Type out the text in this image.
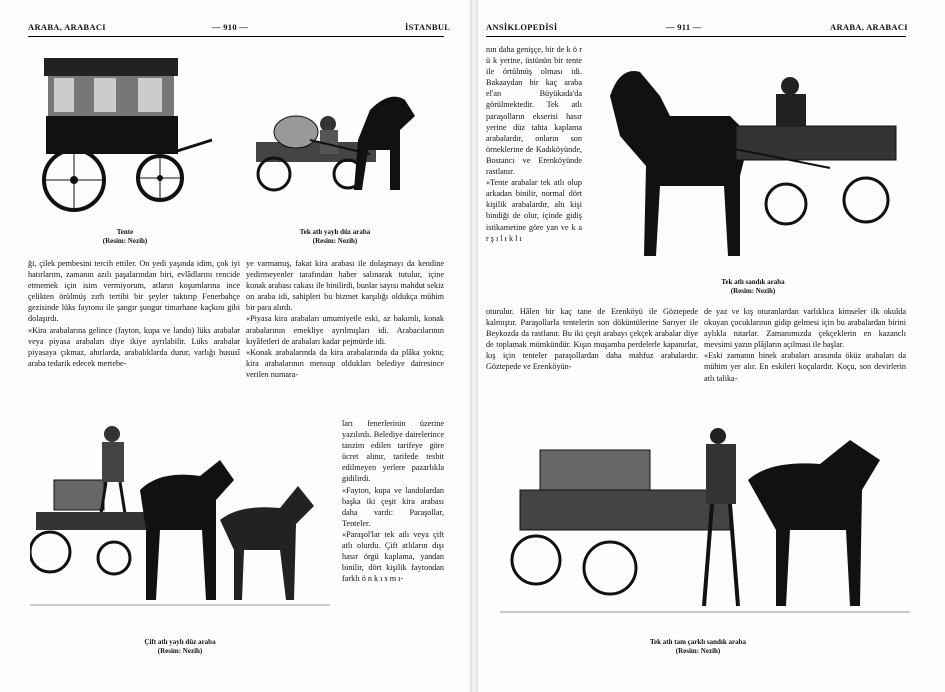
ARABA, ARABACI	— 910 —	İSTANBUL
Tente
(Resim: Nezih)
Tek atlı yaylı düz araba
(Resim: Nezih)

ği, çilek pembesini tercih ettiler. On yedi yaşında idim, çok iyi hatırlarım, zamanın azılı paşalarından biri, evlâdlarını rencide etmemek için isim vermiyorum, atların koşumlarına ince çelikten örülmüş zırh tertibi bir şeyler taktırıp Fenerbahçe gezisinde lüks faytonu ile şangır şungur timarhane kaçkını gibi dolaşırdı.

«Kira arabalarına gelince (fayton, kupa ve lando) lüks arabalar veya piyasa arabaları diye ikiye ayrılabilir. Lüks arabalar piyasaya çıkmaz, ahırlarda, arabalıklarda durur, varlığı hususî araba tedarik edecek mertebe-

ye varmamış, fakat kira arabası ile dolaşmayı da kendine yedirmeyenler tarafından haber salınarak tutulur, içine konak arabası cakası ile binilirdi, bunlar sayısı mahdut sekiz on araba idi, sahipleri bu hizmet karşılığı oldukça mühim bir para alırdı.

«Piyasa kira arabaları umumiyetle eski, az bakımlı, konak arabalarının emekliye ayrılmışları idi. Arabacılarının kıyâfetleri de arabaları kadar pejmürde idi.

«Konak arabalarında da kira arabalarında da plâka yoktu; kira arabalarının mensup oldukları belediye dairesince verilen numara-

ları fenerlerinin üzerine yazılırdı. Belediye dairelerince tanzim edilen tarifeye göre ücret alınır, tarifede tesbit edilmeyen yerlere pazarlıkla gidilirdi.

«Fayton, kupa ve landolardan başka iki çeşit kira arabası daha vardı: Paraşollar, Tenteler.

«Paraşol'lar tek atlı veya çift atlı olurdu. Çift atlıların dışı hasır örgü kaplama, yandan binilir, dört kişilik faytondan farklı ö n k ı s m ı-

Çift atlı yaylı düz araba
(Resim: Nezih)
ANSİKLOPEDİSİ	— 911 —	ARABA, ARABACI

nın daha genişçe, bir de k ö r ü k yerine, üstünün bir tente ile örtülmüş olması idi. Bakaaydan bir kaç araba el'an Büyükada'da görülmektedir. Tek atlı paraşolların ekserisi hasır yerine düz tahta kaplama arabalardır, onların son örneklerine de Kadıköyünde, Bostancı ve Erenköyünde rastlanır.

«Tente arabalar tek atlı olup arkadan binilir, normal dört kişilik arabalardır, altı kişi bindiği de olur, içinde gidiş istikametine göre yan ve k a r ş ı l ı k l ı

Tek atlı sandık araba
(Resim: Nezih)

oturulur. Hâlen bir kaç tane de Erenköyü ile Göztepede kalmıştır. Paraşollarla tentelerin son döküntülerine Sarıyer ile Beykozda da rastlanır. Bu iki çeşit arabayı çekçek arabalar diye de toplamak mümkündür. Kışın muşamba perdelerle kapanırlar, kış için tenteler paraşollardan daha mahfuz arabalardır. Göztepede ve Erenköyün-

de yaz ve kış oturanlardan varlıklıca kimseler ilk okulda okuyan çocuklarının gidip gelmesi için bu arabalardan birini aylıkla tutarlar. Zamanımızda çekçeklerin en kazanclı mevsimi yazın plâjların açılması ile başlar.

«Eski zamanın binek arabaları arasında öküz arabaları da mühim yer alır. En eskileri koçulardır. Koçu, son devirlerin atlı talika-

Tek atlı tam çarklı sandık araba
(Resim: Nezih)
